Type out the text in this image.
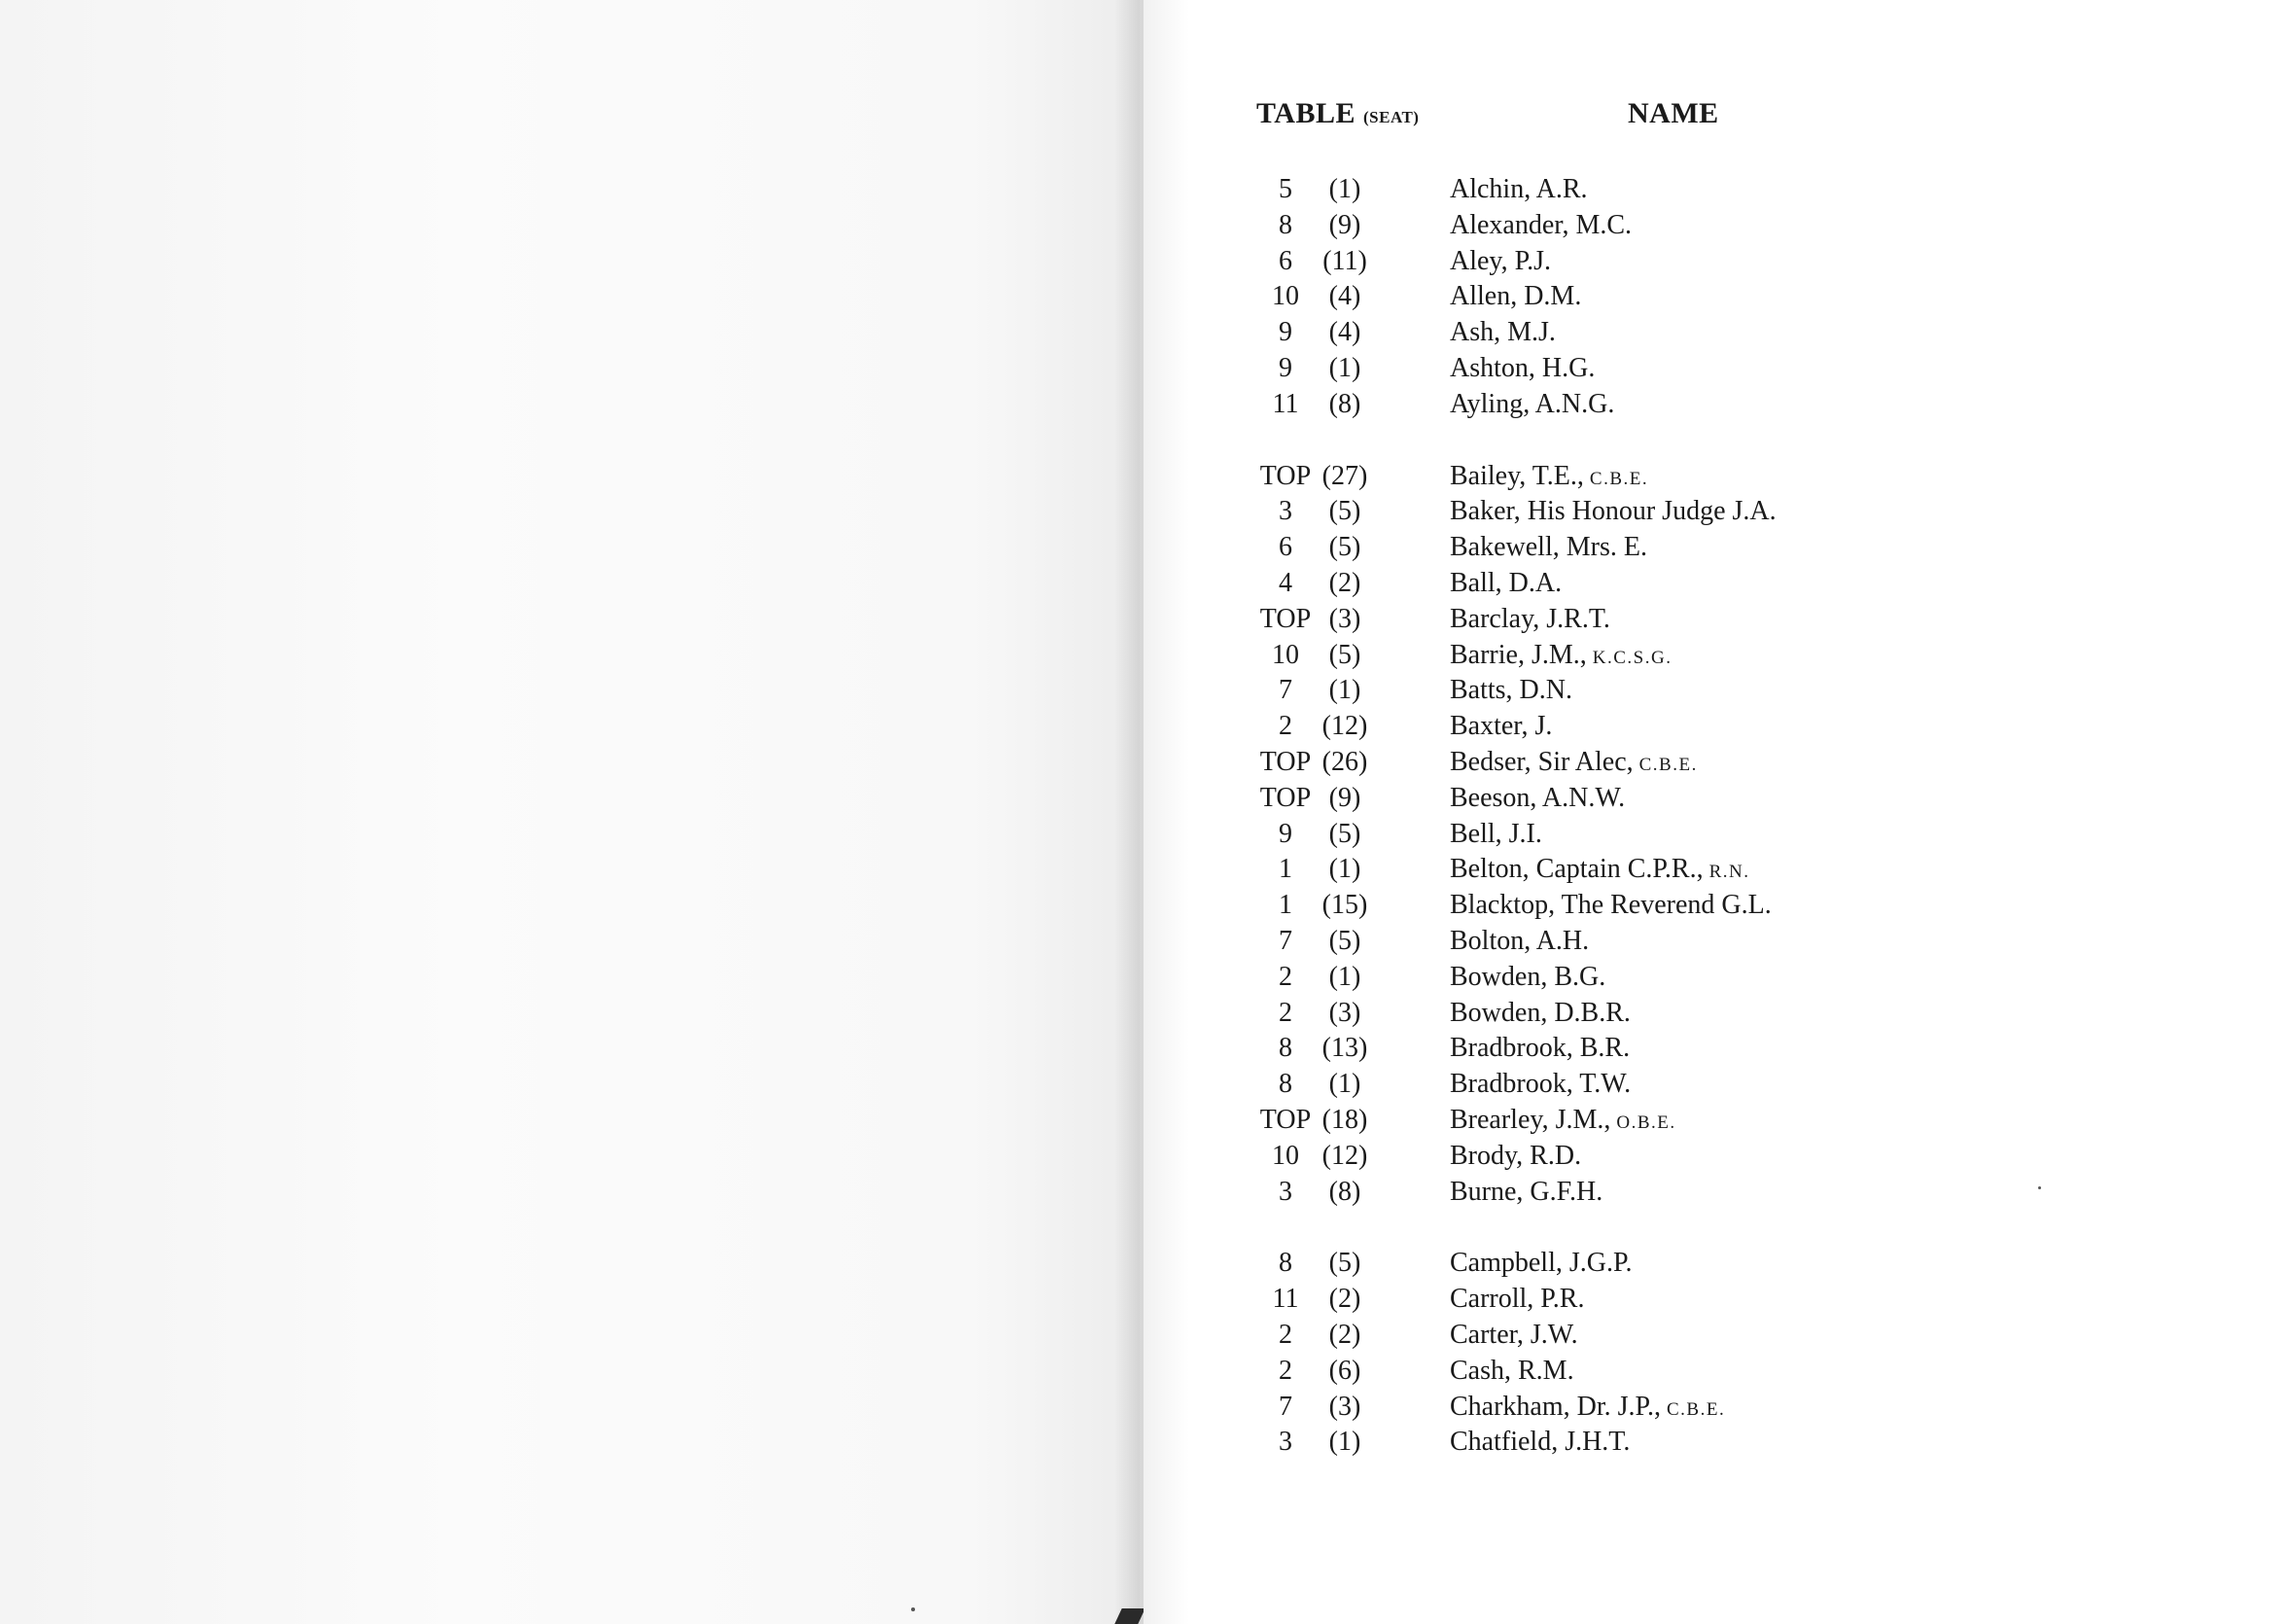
TABLE (SEAT)	NAME
5	(1)	Alchin, A.R.
8	(9)	Alexander, M.C.
6	(11)	Aley, P.J.
10	(4)	Allen, D.M.
9	(4)	Ash, M.J.
9	(1)	Ashton, H.G.
11	(8)	Ayling, A.N.G.
TOP (27)	Bailey, T.E., C.B.E.
3	(5)	Baker, His Honour Judge J.A.
6	(5)	Bakewell, Mrs. E.
4	(2)	Ball, D.A.
TOP (3)	Barclay, J.R.T.
10	(5)	Barrie, J.M., K.C.S.G.
7	(1)	Batts, D.N.
2	(12)	Baxter, J.
TOP (26)	Bedser, Sir Alec, C.B.E.
TOP (9)	Beeson, A.N.W.
9	(5)	Bell, J.I.
1	(1)	Belton, Captain C.P.R., R.N.
1	(15)	Blacktop, The Reverend G.L.
7	(5)	Bolton, A.H.
2	(1)	Bowden, B.G.
2	(3)	Bowden, D.B.R.
8	(13)	Bradbrook, B.R.
8	(1)	Bradbrook, T.W.
TOP (18)	Brearley, J.M., O.B.E.
10 (12)	Brody, R.D.
3	(8)	Burne, G.F.H.
8	(5)	Campbell, J.G.P.
11	(2)	Carroll, P.R.
2	(2)	Carter, J.W.
2	(6)	Cash, R.M.
7	(3)	Charkham, Dr. J.P., C.B.E.
3	(1)	Chatfield, J.H.T.
